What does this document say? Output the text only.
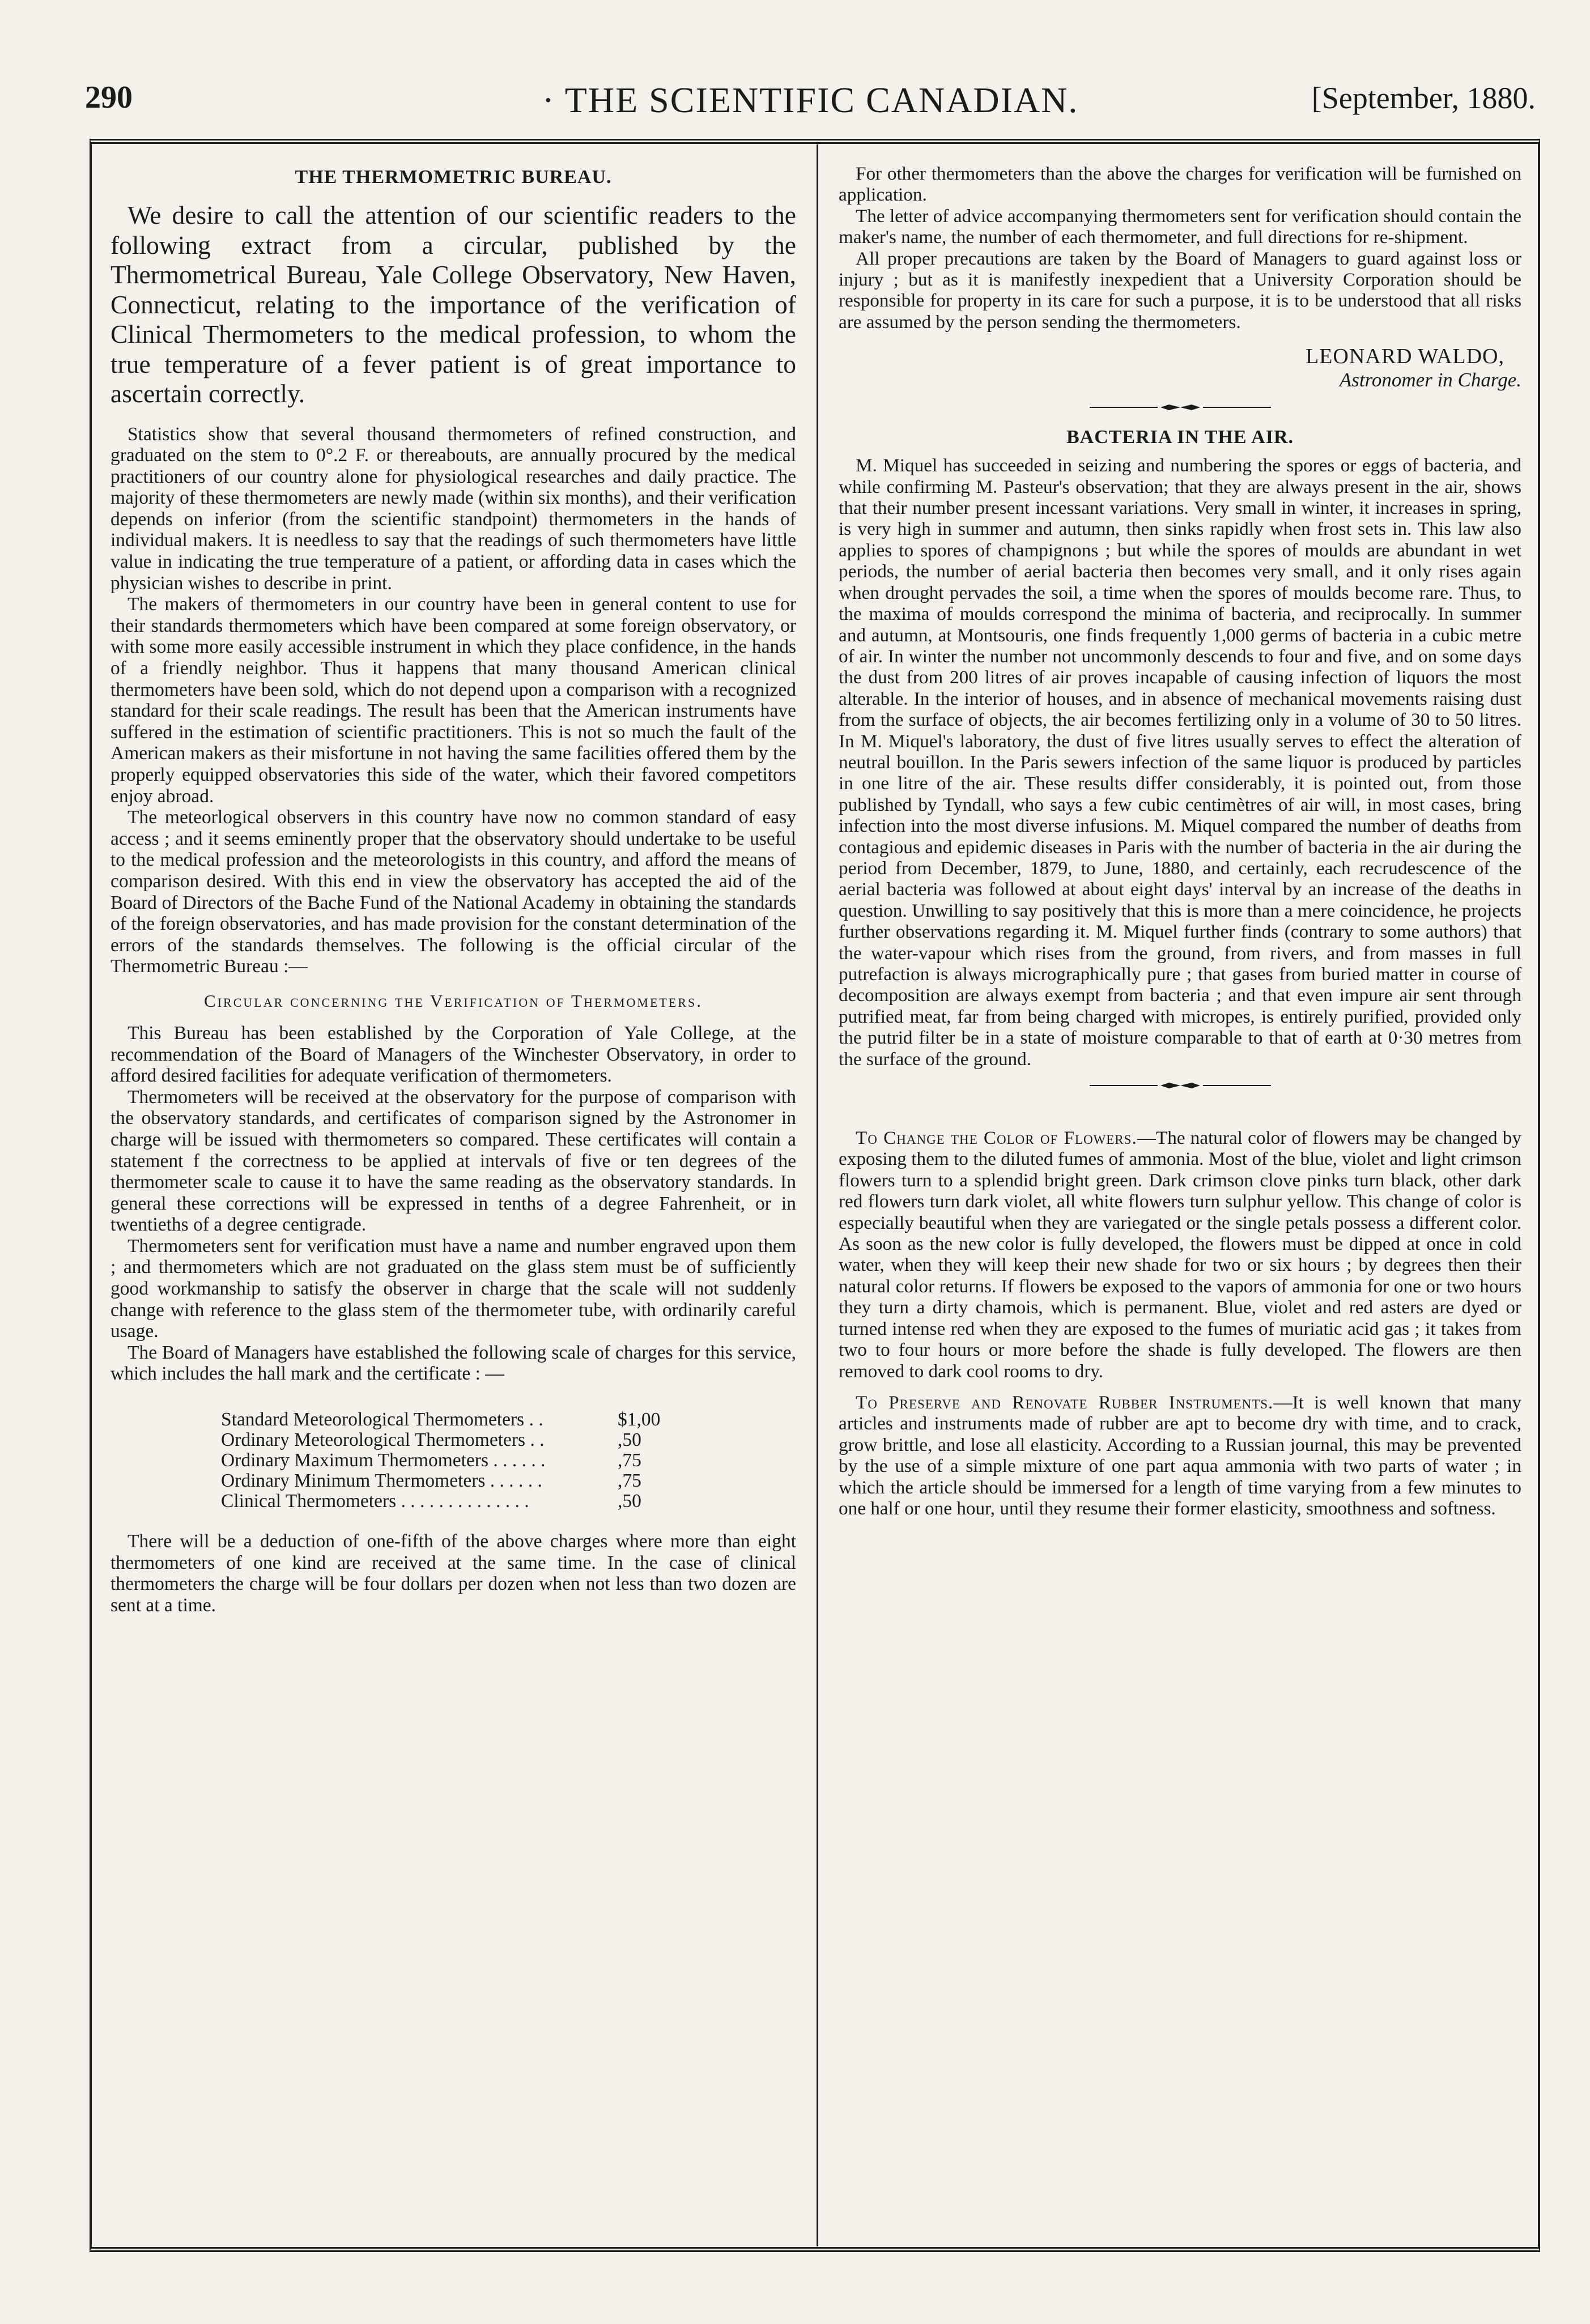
290	· THE SCIENTIFIC CANADIAN.	[September, 1880.
THE THERMOMETRIC BUREAU.

We desire to call the attention of our scientific readers to the following extract from a circular, published by the Thermometrical Bureau, Yale College Observatory, New Haven, Connecticut, relating to the importance of the verification of Clinical Thermometers to the medical profession, to whom the true temperature of a fever patient is of great importance to ascertain correctly.

Statistics show that several thousand thermometers of refined construction, and graduated on the stem to 0°.2 F. or thereabouts, are annually procured by the medical practitioners of our country alone for physiological researches and daily practice. The majority of these thermometers are newly made (within six months), and their verification depends on inferior (from the scientific standpoint) thermometers in the hands of individual makers. It is needless to say that the readings of such thermometers have little value in indicating the true temperature of a patient, or affording data in cases which the physician wishes to describe in print.

The makers of thermometers in our country have been in general content to use for their standards thermometers which have been compared at some foreign observatory, or with some more easily accessible instrument in which they place confidence, in the hands of a friendly neighbor. Thus it happens that many thousand American clinical thermometers have been sold, which do not depend upon a comparison with a recognized standard for their scale readings. The result has been that the American instruments have suffered in the estimation of scientific practitioners. This is not so much the fault of the American makers as their misfortune in not having the same facilities offered them by the properly equipped observatories this side of the water, which their favored competitors enjoy abroad.

The meteorlogical observers in this country have now no common standard of easy access ; and it seems eminently proper that the observatory should undertake to be useful to the medical profession and the meteorologists in this country, and afford the means of comparison desired. With this end in view the observatory has accepted the aid of the Board of Directors of the Bache Fund of the National Academy in obtaining the standards of the foreign observatories, and has made provision for the constant determination of the errors of the standards themselves. The following is the official circular of the Thermometric Bureau :—

Circular concerning the Verification of Thermometers.

This Bureau has been established by the Corporation of Yale College, at the recommendation of the Board of Managers of the Winchester Observatory, in order to afford desired facilities for adequate verification of thermometers.

Thermometers will be received at the observatory for the purpose of comparison with the observatory standards, and certificates of comparison signed by the Astronomer in charge will be issued with thermometers so compared. These certificates will contain a statement f the correctness to be applied at intervals of five or ten degrees of the thermometer scale to cause it to have the same reading as the observatory standards. In general these corrections will be expressed in tenths of a degree Fahrenheit, or in twentieths of a degree centigrade.

Thermometers sent for verification must have a name and number engraved upon them ; and thermometers which are not graduated on the glass stem must be of sufficiently good workmanship to satisfy the observer in charge that the scale will not suddenly change with reference to the glass stem of the thermometer tube, with ordinarily careful usage.

The Board of Managers have established the following scale of charges for this service, which includes the hall mark and the certificate : —

Standard Meteorological Thermometers . .	$1,00
Ordinary Meteorological Thermometers . .	,50
Ordinary Maximum Thermometers . . . . . .	,75
Ordinary Minimum Thermometers . . . . . .	,75
Clinical Thermometers . . . . . . . . . . . . . .	,50

There will be a deduction of one-fifth of the above charges where more than eight thermometers of one kind are received at the same time. In the case of clinical thermometers the charge will be four dollars per dozen when not less than two dozen are sent at a time.

For other thermometers than the above the charges for verification will be furnished on application.

The letter of advice accompanying thermometers sent for verification should contain the maker's name, the number of each thermometer, and full directions for re-shipment.

All proper precautions are taken by the Board of Managers to guard against loss or injury ; but as it is manifestly inexpedient that a University Corporation should be responsible for property in its care for such a purpose, it is to be understood that all risks are assumed by the person sending the thermometers.

LEONARD WALDO,
Astronomer in Charge.
BACTERIA IN THE AIR.

M. Miquel has succeeded in seizing and numbering the spores or eggs of bacteria, and while confirming M. Pasteur's observation; that they are always present in the air, shows that their number present incessant variations. Very small in winter, it increases in spring, is very high in summer and autumn, then sinks rapidly when frost sets in. This law also applies to spores of champignons ; but while the spores of moulds are abundant in wet periods, the number of aerial bacteria then becomes very small, and it only rises again when drought pervades the soil, a time when the spores of moulds become rare. Thus, to the maxima of moulds correspond the minima of bacteria, and reciprocally. In summer and autumn, at Montsouris, one finds frequently 1,000 germs of bacteria in a cubic metre of air. In winter the number not uncommonly descends to four and five, and on some days the dust from 200 litres of air proves incapable of causing infection of liquors the most alterable. In the interior of houses, and in absence of mechanical movements raising dust from the surface of objects, the air becomes fertilizing only in a volume of 30 to 50 litres. In M. Miquel's laboratory, the dust of five litres usually serves to effect the alteration of neutral bouillon. In the Paris sewers infection of the same liquor is produced by particles in one litre of the air. These results differ considerably, it is pointed out, from those published by Tyndall, who says a few cubic centimètres of air will, in most cases, bring infection into the most diverse infusions. M. Miquel compared the number of deaths from contagious and epidemic diseases in Paris with the number of bacteria in the air during the period from December, 1879, to June, 1880, and certainly, each recrudescence of the aerial bacteria was followed at about eight days' interval by an increase of the deaths in question. Unwilling to say positively that this is more than a mere coincidence, he projects further observations regarding it. M. Miquel further finds (contrary to some authors) that the water-vapour which rises from the ground, from rivers, and from masses in full putrefaction is always micrographically pure ; that gases from buried matter in course of decomposition are always exempt from bacteria ; and that even impure air sent through putrified meat, far from being charged with micropes, is entirely purified, provided only the putrid filter be in a state of moisture comparable to that of earth at 0·30 metres from the surface of the ground.

To Change the Color of Flowers.—The natural color of flowers may be changed by exposing them to the diluted fumes of ammonia. Most of the blue, violet and light crimson flowers turn to a splendid bright green. Dark crimson clove pinks turn black, other dark red flowers turn dark violet, all white flowers turn sulphur yellow. This change of color is especially beautiful when they are variegated or the single petals possess a different color. As soon as the new color is fully developed, the flowers must be dipped at once in cold water, when they will keep their new shade for two or six hours ; by degrees then their natural color returns. If flowers be exposed to the vapors of ammonia for one or two hours they turn a dirty chamois, which is permanent. Blue, violet and red asters are dyed or turned intense red when they are exposed to the fumes of muriatic acid gas ; it takes from two to four hours or more before the shade is fully developed. The flowers are then removed to dark cool rooms to dry.

To Preserve and Renovate Rubber Instruments.—It is well known that many articles and instruments made of rubber are apt to become dry with time, and to crack, grow brittle, and lose all elasticity. According to a Russian journal, this may be prevented by the use of a simple mixture of one part aqua ammonia with two parts of water ; in which the article should be immersed for a length of time varying from a few minutes to one half or one hour, until they resume their former elasticity, smoothness and softness.
